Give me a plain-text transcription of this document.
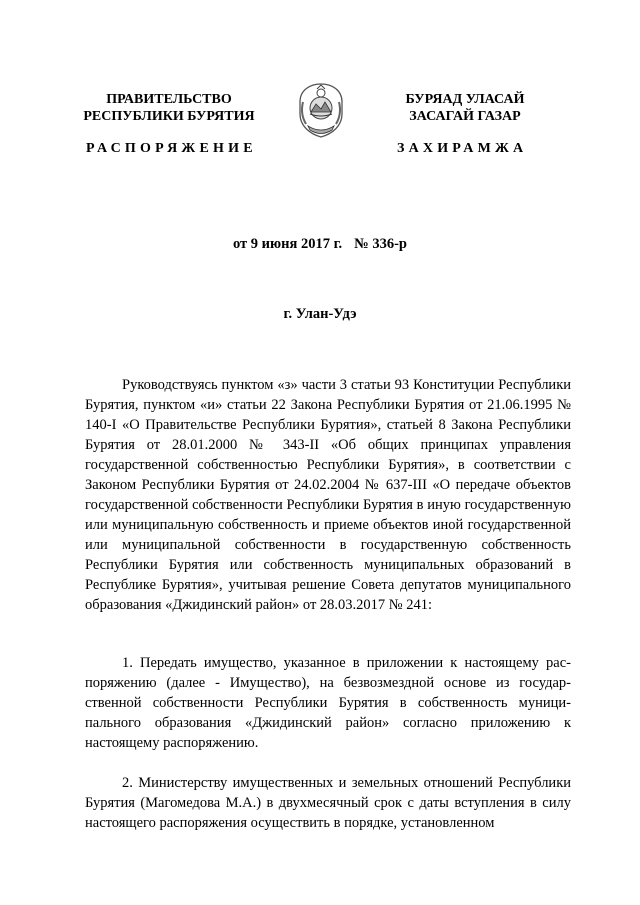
ПРАВИТЕЛЬСТВО
РЕСПУБЛИКИ БУРЯТИЯ
БУРЯАД УЛАСАЙ
ЗАСАГАЙ ГАЗАР
РАСПОРЯЖЕНИЕ	ЗАХИРАМЖА
от 9 июня 2017 г. № 336-р
г. Улан-Удэ

Руководствуясь пунктом «з» части 3 статьи 93 Конституции Республики Бурятия, пунктом «и» статьи 22 Закона Республики Бурятия от 21.06.1995 № 140-I «О Правительстве Республики Бурятия», статьей 8 Закона Республики Бурятия от 28.01.2000 № 343-II «Об общих принципах управления государственной собственностью Республики Бурятия», в соответствии с Законом Республики Бурятия от 24.02.2004 № 637-III «О передаче объектов государственной собственности Республики Бурятия в иную государственную или муниципальную собственность и приеме объектов иной государственной или муниципальной собственности в государственную собственность Республики Бурятия или собственность муниципальных образований в Республике Бурятия», учитывая решение Совета депутатов муниципального образования «Джидинский район» от 28.03.2017 № 241:

1. Передать имущество, указанное в приложении к настоящему распоряжению (далее - Имущество), на безвозмездной основе из государственной собственности Республики Бурятия в собственность муниципального образования «Джидинский район» согласно приложению к настоящему распоряжению.

2. Министерству имущественных и земельных отношений Республики Бурятия (Магомедова М.А.) в двухмесячный срок с даты вступления в силу настоящего распоряжения осуществить в порядке, установленном
